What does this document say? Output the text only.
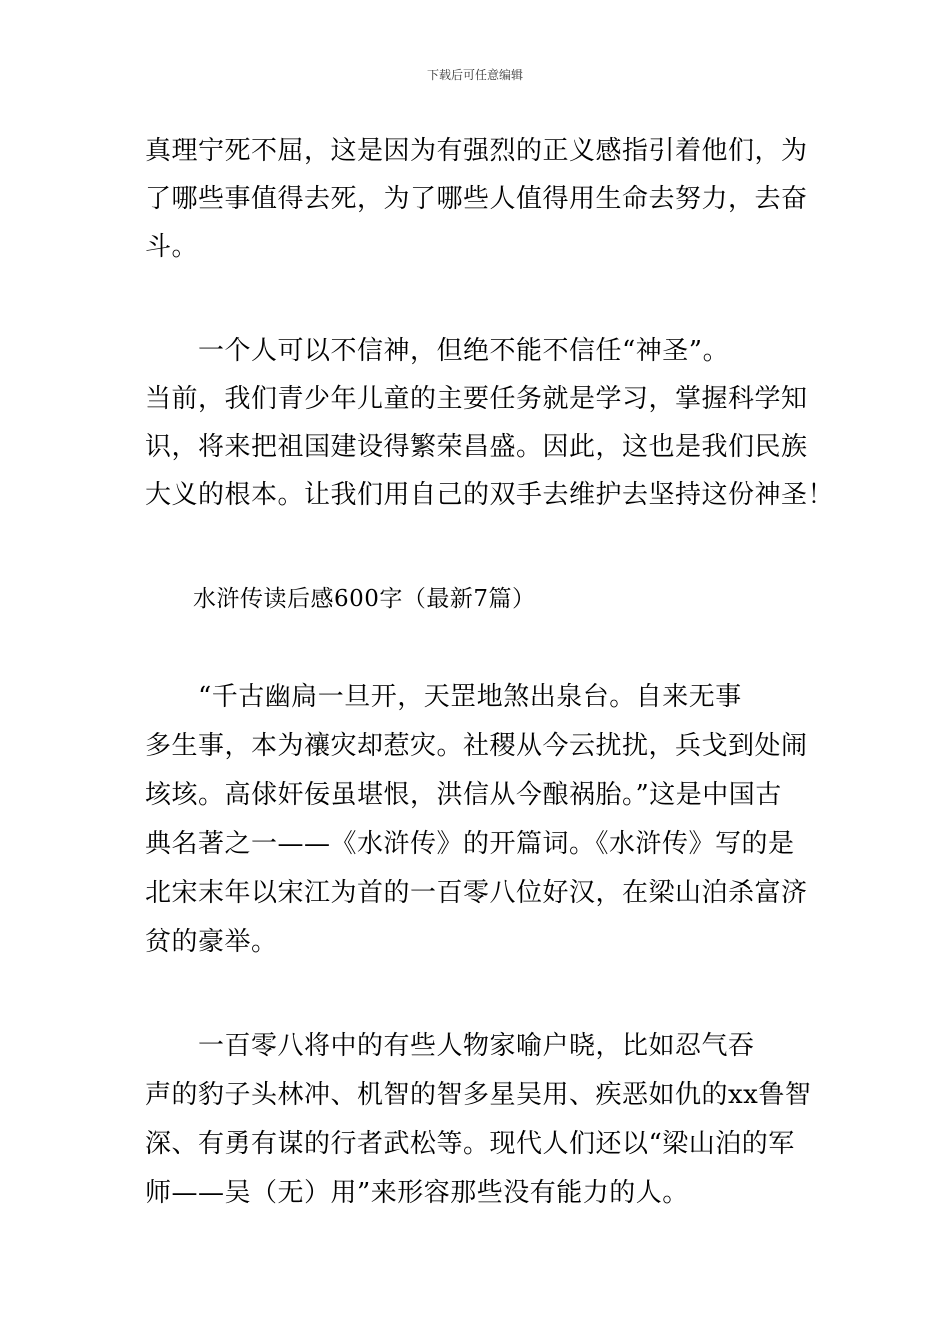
下载后可任意编辑
真理宁死不屈，这是因为有强烈的正义感指引着他们，为
了哪些事值得去死，为了哪些人值得用生命去努力，去奋
斗。
　　一个人可以不信神，但绝不能不信任“神圣”。
当前，我们青少年儿童的主要任务就是学习，掌握科学知
识，将来把祖国建设得繁荣昌盛。因此，这也是我们民族
大义的根本。让我们用自己的双手去维护去坚持这份神圣！
水浒传读后感600字（最新7篇）
　　“千古幽扃一旦开，天罡地煞出泉台。自来无事
多生事，本为禳灾却惹灾。社稷从今云扰扰，兵戈到处闹
垓垓。高俅奸佞虽堪恨，洪信从今酿祸胎。”这是中国古
典名著之一——《水浒传》的开篇词。《水浒传》写的是
北宋末年以宋江为首的一百零八位好汉，在梁山泊杀富济
贫的豪举。
　　一百零八将中的有些人物家喻户晓，比如忍气吞
声的豹子头林冲、机智的智多星吴用、疾恶如仇的xx鲁智
深、有勇有谋的行者武松等。现代人们还以“梁山泊的军
师——吴（无）用”来形容那些没有能力的人。
